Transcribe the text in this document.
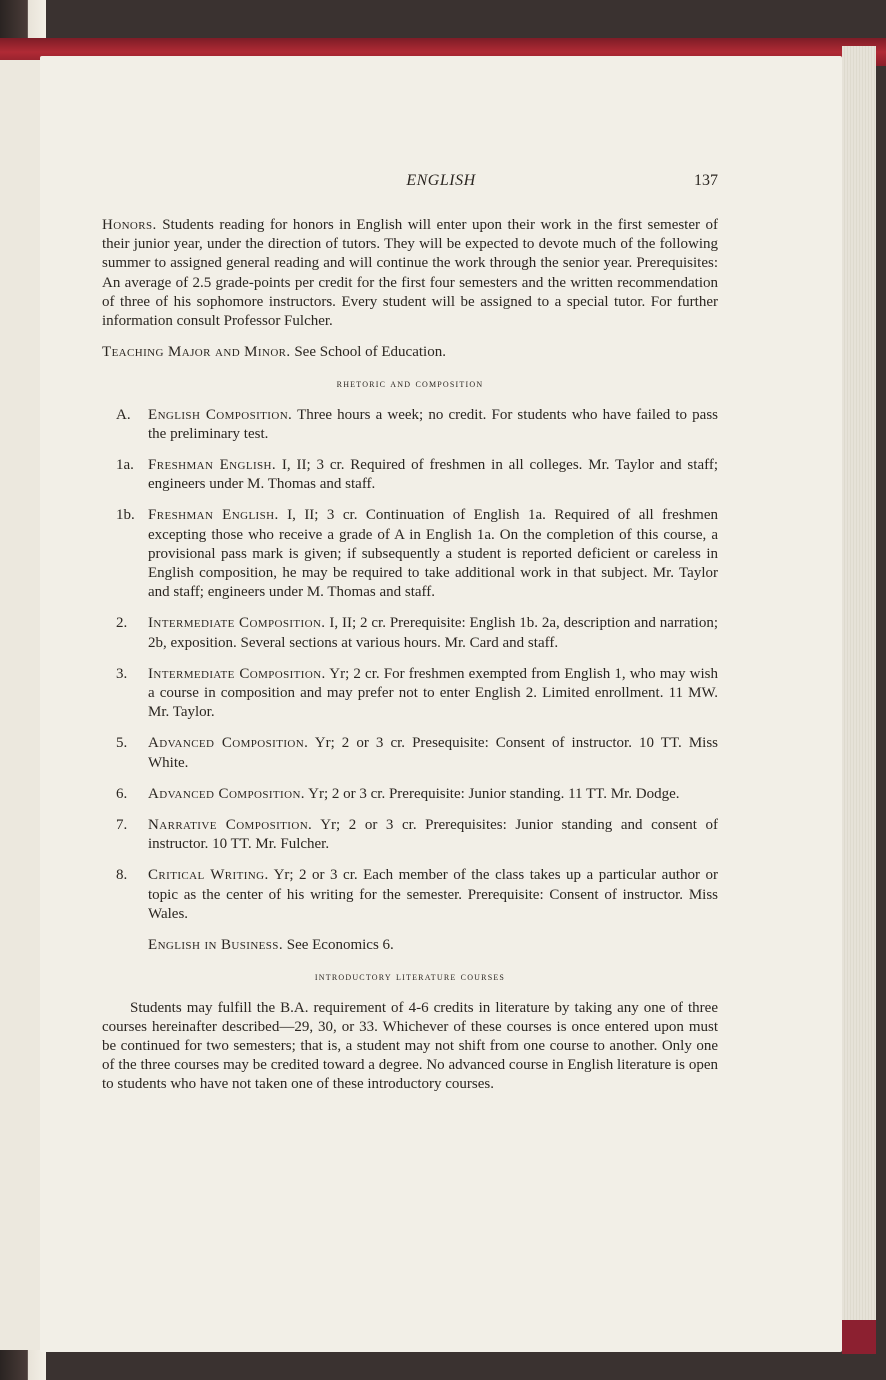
ENGLISH	137

Honors. Students reading for honors in English will enter upon their work in the first semester of their junior year, under the direction of tutors. They will be expected to devote much of the following summer to assigned general reading and will continue the work through the senior year. Prerequisites: An average of 2.5 grade-points per credit for the first four semesters and the written recommendation of three of his sophomore instructors. Every student will be assigned to a special tutor. For further information consult Professor Fulcher.

Teaching Major and Minor. See School of Education.

rhetoric and composition
A. English Composition. Three hours a week; no credit. For students who have failed to pass the preliminary test.
1a. Freshman English. I, II; 3 cr. Required of freshmen in all colleges. Mr. Taylor and staff; engineers under M. Thomas and staff.
1b. Freshman English. I, II; 3 cr. Continuation of English 1a. Required of all freshmen excepting those who receive a grade of A in English 1a. On the completion of this course, a provisional pass mark is given; if subsequently a student is reported deficient or careless in English composition, he may be required to take additional work in that subject. Mr. Taylor and staff; engineers under M. Thomas and staff.
2. Intermediate Composition. I, II; 2 cr. Prerequisite: English 1b. 2a, description and narration; 2b, exposition. Several sections at various hours. Mr. Card and staff.
3. Intermediate Composition. Yr; 2 cr. For freshmen exempted from English 1, who may wish a course in composition and may prefer not to enter English 2. Limited enrollment. 11 MW. Mr. Taylor.
5. Advanced Composition. Yr; 2 or 3 cr. Presequisite: Consent of instructor. 10 TT. Miss White.
6. Advanced Composition. Yr; 2 or 3 cr. Prerequisite: Junior standing. 11 TT. Mr. Dodge.
7. Narrative Composition. Yr; 2 or 3 cr. Prerequisites: Junior standing and consent of instructor. 10 TT. Mr. Fulcher.
8. Critical Writing. Yr; 2 or 3 cr. Each member of the class takes up a particular author or topic as the center of his writing for the semester. Prerequisite: Consent of instructor. Miss Wales.
English in Business. See Economics 6.
introductory literature courses

Students may fulfill the B.A. requirement of 4-6 credits in literature by taking any one of three courses hereinafter described—29, 30, or 33. Whichever of these courses is once entered upon must be continued for two semesters; that is, a student may not shift from one course to another. Only one of the three courses may be credited toward a degree. No advanced course in English literature is open to students who have not taken one of these introductory courses.
